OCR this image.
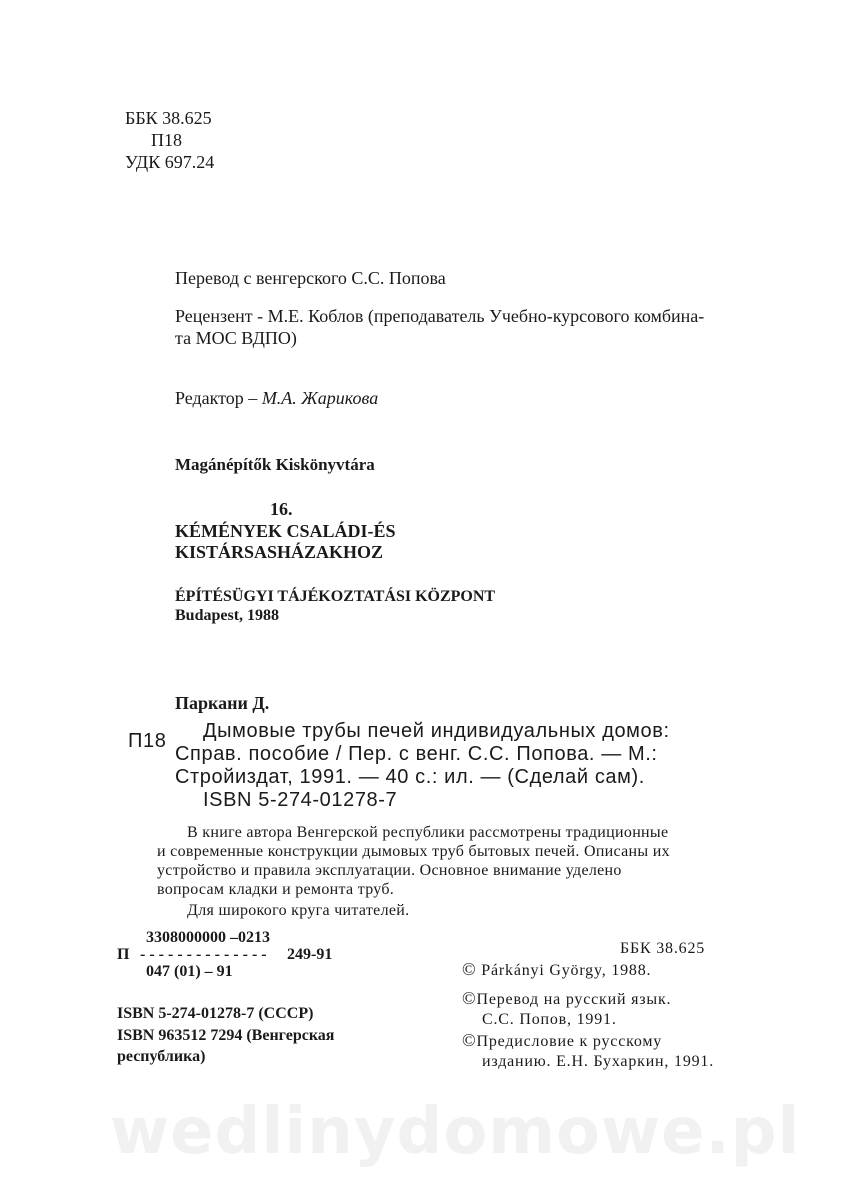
ББК 38.625
П18
УДК 697.24
Перевод с венгерского С.С. Попова
Рецензент - М.Е. Коблов (преподаватель Учебно-курсового комбина-
та МОС ВДПО)
Редактор – М.А. Жарикова
Magánépítők Kiskönyvtára
16.
KÉMÉNYEK CSALÁDI-ÉS
KISTÁRSASHÁZAKHOZ
ÉPÍTÉSÜGYI TÁJÉKOZTATÁSI KÖZPONT
Budapest, 1988
Паркани Д.
П18 Дымовые трубы печей индивидуальных домов:
Справ. пособие / Пер. с венг. С.С. Попова. — М.:
Стройиздат, 1991. — 40 с.: ил. — (Сделай сам).
ISBN 5-274-01278-7
В книге автора Венгерской республики рассмотрены традиционные
и современные конструкции дымовых труб бытовых печей. Описаны их
устройство и правила эксплуатации. Основное внимание уделено
вопросам кладки и ремонта труб.
Для широкого круга читателей.
3308000000 –0213
П - - - - - - - - - - - - - - 249-91
047 (01) – 91
ISBN 5-274-01278-7 (СССР)
ISBN 963512 7294 (Венгерская
республика)
ББК 38.625
© Párkányi György, 1988.
©Перевод на русский язык.
С.С. Попов, 1991.
©Предисловие к русскому
изданию. Е.Н. Бухаркин, 1991.
wedlinydomowe.pl
